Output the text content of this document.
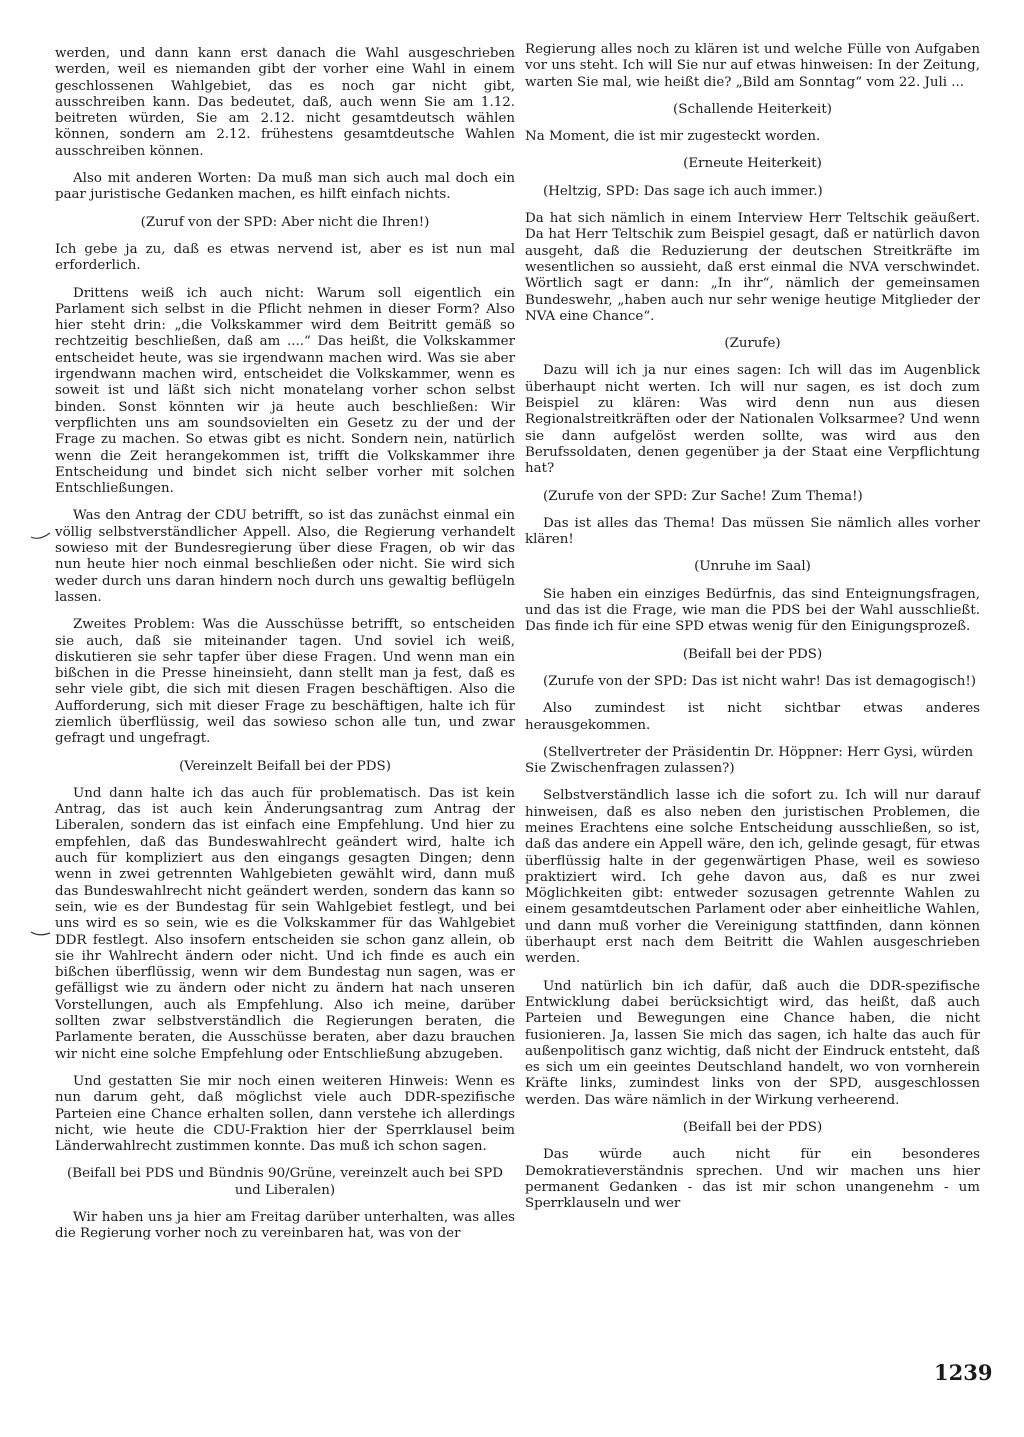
werden, und dann kann erst danach die Wahl ausgeschrieben werden, weil es niemanden gibt der vorher eine Wahl in einem geschlossenen Wahlgebiet, das es noch gar nicht gibt, ausschreiben kann. Das bedeutet, daß, auch wenn Sie am 1.12. beitreten würden, Sie am 2.12. nicht gesamtdeutsch wählen können, sondern am 2.12. frühestens gesamtdeutsche Wahlen ausschreiben können.

Also mit anderen Worten: Da muß man sich auch mal doch ein paar juristische Gedanken machen, es hilft einfach nichts.

(Zuruf von der SPD: Aber nicht die Ihren!)

Ich gebe ja zu, daß es etwas nervend ist, aber es ist nun mal erforderlich.

Drittens weiß ich auch nicht: Warum soll eigentlich ein Parlament sich selbst in die Pflicht nehmen in dieser Form? Also hier steht drin: „die Volkskammer wird dem Beitritt gemäß so rechtzeitig beschließen, daß am ....“ Das heißt, die Volkskammer entscheidet heute, was sie irgendwann machen wird. Was sie aber irgendwann machen wird, entscheidet die Volkskammer, wenn es soweit ist und läßt sich nicht monatelang vorher schon selbst binden. Sonst könnten wir ja heute auch beschließen: Wir verpflichten uns am soundsovielten ein Gesetz zu der und der Frage zu machen. So etwas gibt es nicht. Sondern nein, natürlich wenn die Zeit herangekommen ist, trifft die Volkskammer ihre Entscheidung und bindet sich nicht selber vorher mit solchen Entschließungen.

Was den Antrag der CDU betrifft, so ist das zunächst einmal ein völlig selbstverständlicher Appell. Also, die Regierung verhandelt sowieso mit der Bundesregierung über diese Fragen, ob wir das nun heute hier noch einmal beschließen oder nicht. Sie wird sich weder durch uns daran hindern noch durch uns gewaltig beflügeln lassen.

Zweites Problem: Was die Ausschüsse betrifft, so entscheiden sie auch, daß sie miteinander tagen. Und soviel ich weiß, diskutieren sie sehr tapfer über diese Fragen. Und wenn man ein bißchen in die Presse hineinsieht, dann stellt man ja fest, daß es sehr viele gibt, die sich mit diesen Fragen beschäftigen. Also die Aufforderung, sich mit dieser Frage zu beschäftigen, halte ich für ziemlich überflüssig, weil das sowieso schon alle tun, und zwar gefragt und ungefragt.

(Vereinzelt Beifall bei der PDS)

Und dann halte ich das auch für problematisch. Das ist kein Antrag, das ist auch kein Änderungsantrag zum Antrag der Liberalen, sondern das ist einfach eine Empfehlung. Und hier zu empfehlen, daß das Bundeswahlrecht geändert wird, halte ich auch für kompliziert aus den eingangs gesagten Dingen; denn wenn in zwei getrennten Wahlgebieten gewählt wird, dann muß das Bundeswahlrecht nicht geändert werden, sondern das kann so sein, wie es der Bundestag für sein Wahlgebiet festlegt, und bei uns wird es so sein, wie es die Volkskammer für das Wahlgebiet DDR festlegt. Also insofern entscheiden sie schon ganz allein, ob sie ihr Wahlrecht ändern oder nicht. Und ich finde es auch ein bißchen überflüssig, wenn wir dem Bundestag nun sagen, was er gefälligst wie zu ändern oder nicht zu ändern hat nach unseren Vorstellungen, auch als Empfehlung. Also ich meine, darüber sollten zwar selbstverständlich die Regierungen beraten, die Parlamente beraten, die Ausschüsse beraten, aber dazu brauchen wir nicht eine solche Empfehlung oder Entschließung abzugeben.

Und gestatten Sie mir noch einen weiteren Hinweis: Wenn es nun darum geht, daß möglichst viele auch DDR-spezifische Parteien eine Chance erhalten sollen, dann verstehe ich allerdings nicht, wie heute die CDU-Fraktion hier der Sperrklausel beim Länderwahlrecht zustimmen konnte. Das muß ich schon sagen.

(Beifall bei PDS und Bündnis 90/Grüne, vereinzelt auch bei SPD und Liberalen)

Wir haben uns ja hier am Freitag darüber unterhalten, was alles die Regierung vorher noch zu vereinbaren hat, was von der

Regierung alles noch zu klären ist und welche Fülle von Aufgaben vor uns steht. Ich will Sie nur auf etwas hinweisen: In der Zeitung, warten Sie mal, wie heißt die? „Bild am Sonntag“ vom 22. Juli ...

(Schallende Heiterkeit)

Na Moment, die ist mir zugesteckt worden.

(Erneute Heiterkeit)

(Heltzig, SPD: Das sage ich auch immer.)

Da hat sich nämlich in einem Interview Herr Teltschik geäußert. Da hat Herr Teltschik zum Beispiel gesagt, daß er natürlich davon ausgeht, daß die Reduzierung der deutschen Streitkräfte im wesentlichen so aussieht, daß erst einmal die NVA verschwindet. Wörtlich sagt er dann: „In ihr“, nämlich der gemeinsamen Bundeswehr, „haben auch nur sehr wenige heutige Mitglieder der NVA eine Chance“.

(Zurufe)

Dazu will ich ja nur eines sagen: Ich will das im Augenblick überhaupt nicht werten. Ich will nur sagen, es ist doch zum Beispiel zu klären: Was wird denn nun aus diesen Regionalstreitkräften oder der Nationalen Volksarmee? Und wenn sie dann aufgelöst werden sollte, was wird aus den Berufssoldaten, denen gegenüber ja der Staat eine Verpflichtung hat?

(Zurufe von der SPD: Zur Sache! Zum Thema!)

Das ist alles das Thema! Das müssen Sie nämlich alles vorher klären!

(Unruhe im Saal)

Sie haben ein einziges Bedürfnis, das sind Enteignungsfragen, und das ist die Frage, wie man die PDS bei der Wahl ausschließt. Das finde ich für eine SPD etwas wenig für den Einigungsprozeß.

(Beifall bei der PDS)

(Zurufe von der SPD: Das ist nicht wahr! Das ist demagogisch!)

Also zumindest ist nicht sichtbar etwas anderes herausgekommen.

(Stellvertreter der Präsidentin Dr. Höppner: Herr Gysi, würden Sie Zwischenfragen zulassen?)

Selbstverständlich lasse ich die sofort zu. Ich will nur darauf hinweisen, daß es also neben den juristischen Problemen, die meines Erachtens eine solche Entscheidung ausschließen, so ist, daß das andere ein Appell wäre, den ich, gelinde gesagt, für etwas überflüssig halte in der gegenwärtigen Phase, weil es sowieso praktiziert wird. Ich gehe davon aus, daß es nur zwei Möglichkeiten gibt: entweder sozusagen getrennte Wahlen zu einem gesamtdeutschen Parlament oder aber einheitliche Wahlen, und dann muß vorher die Vereinigung stattfinden, dann können überhaupt erst nach dem Beitritt die Wahlen ausgeschrieben werden.

Und natürlich bin ich dafür, daß auch die DDR-spezifische Entwicklung dabei berücksichtigt wird, das heißt, daß auch Parteien und Bewegungen eine Chance haben, die nicht fusionieren. Ja, lassen Sie mich das sagen, ich halte das auch für außenpolitisch ganz wichtig, daß nicht der Eindruck entsteht, daß es sich um ein geeintes Deutschland handelt, wo von vornherein Kräfte links, zumindest links von der SPD, ausgeschlossen werden. Das wäre nämlich in der Wirkung verheerend.

(Beifall bei der PDS)

Das würde auch nicht für ein besonderes Demokratieverständnis sprechen. Und wir machen uns hier permanent Gedanken - das ist mir schon unangenehm - um Sperrklauseln und wer

1239
